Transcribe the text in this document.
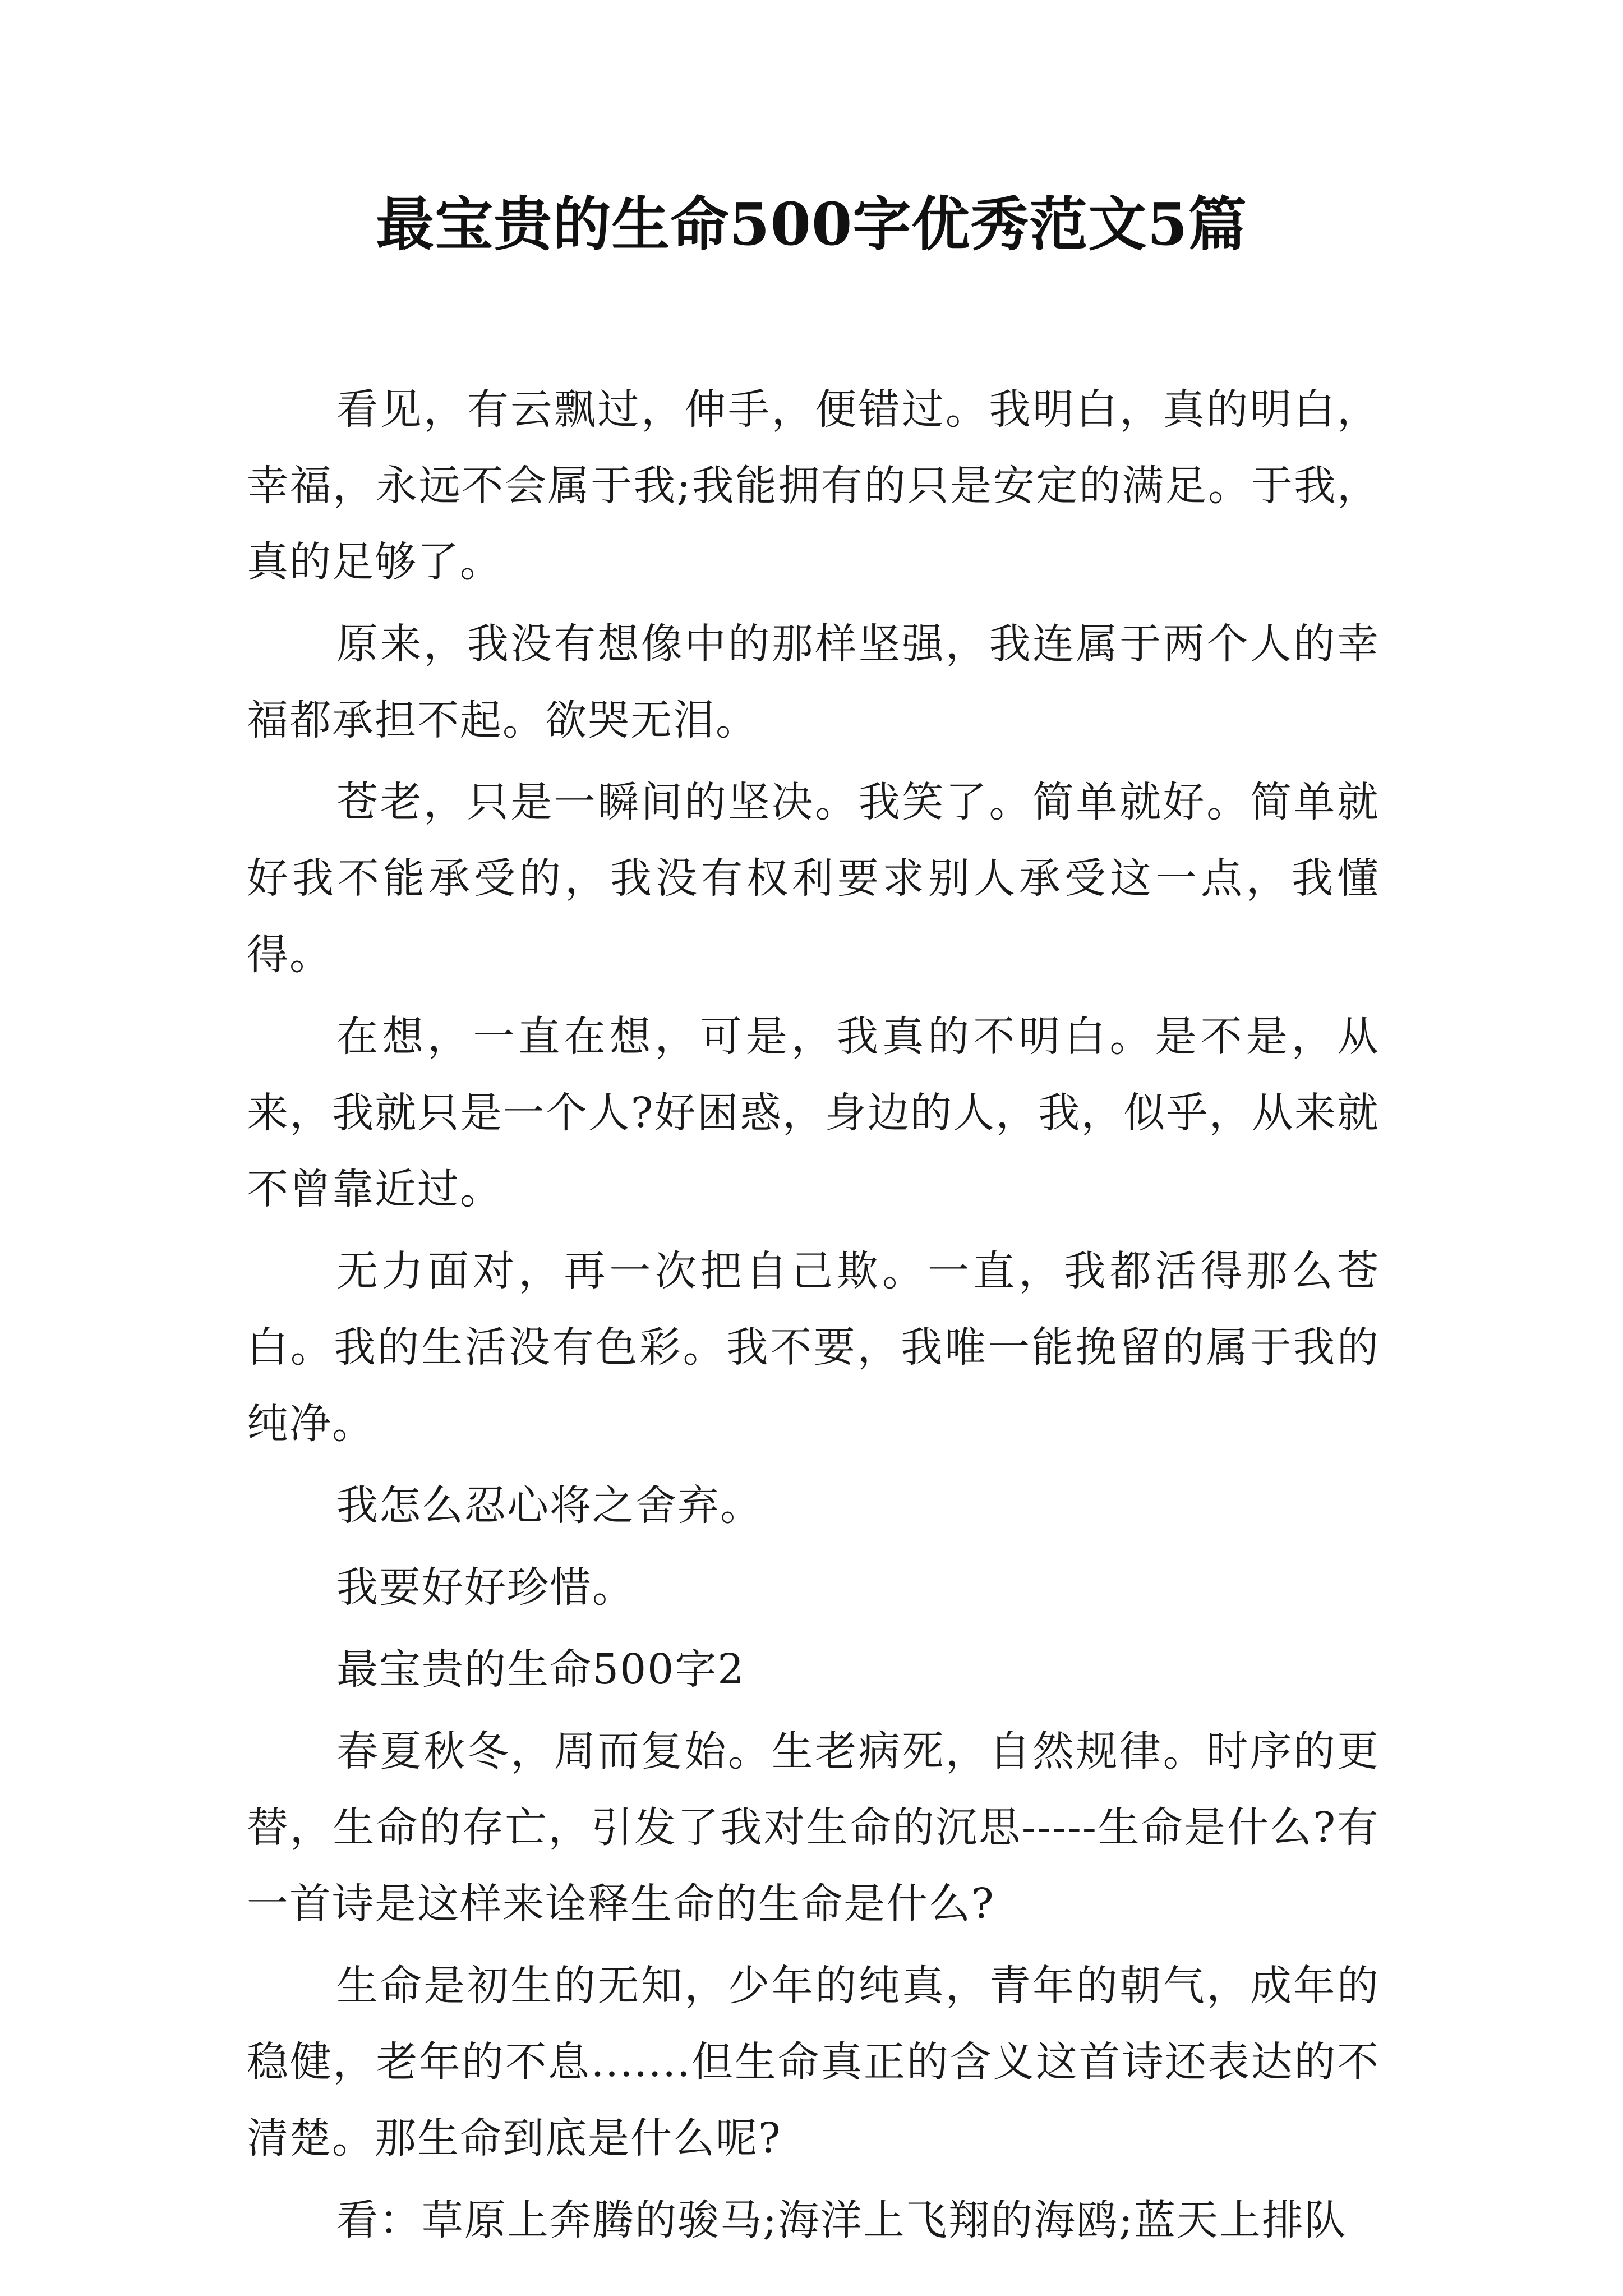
最宝贵的生命500字优秀范文5篇

看见，有云飘过，伸手，便错过。我明白，真的明白，幸福，永远不会属于我;我能拥有的只是安定的满足。于我，真的足够了。

原来，我没有想像中的那样坚强，我连属于两个人的幸福都承担不起。欲哭无泪。

苍老，只是一瞬间的坚决。我笑了。简单就好。简单就好我不能承受的，我没有权利要求别人承受这一点，我懂得。

在想，一直在想，可是，我真的不明白。是不是，从来，我就只是一个人?好困惑，身边的人，我，似乎，从来就不曾靠近过。

无力面对，再一次把自己欺。一直，我都活得那么苍白。我的生活没有色彩。我不要，我唯一能挽留的属于我的纯净。

我怎么忍心将之舍弃。

我要好好珍惜。

最宝贵的生命500字2

春夏秋冬，周而复始。生老病死，自然规律。时序的更替，生命的存亡，引发了我对生命的沉思-----生命是什么?有一首诗是这样来诠释生命的生命是什么?

生命是初生的无知，少年的纯真，青年的朝气，成年的稳健，老年的不息.......但生命真正的含义这首诗还表达的不清楚。那生命到底是什么呢?

看：草原上奔腾的骏马;海洋上飞翔的海鸥;蓝天上排队
